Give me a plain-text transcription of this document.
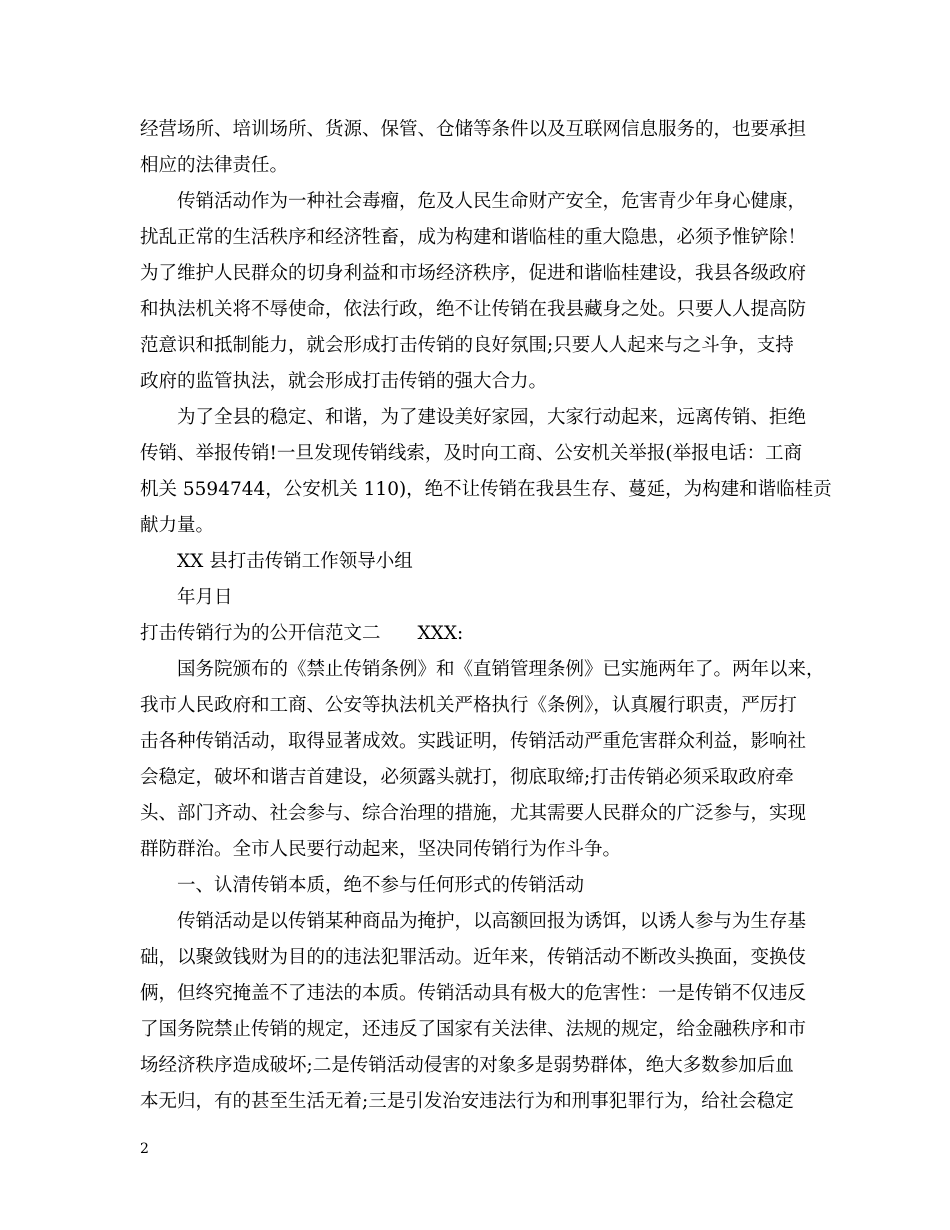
经营场所、培训场所、货源、保管、仓储等条件以及互联网信息服务的，也要承担
相应的法律责任。
传销活动作为一种社会毒瘤，危及人民生命财产安全，危害青少年身心健康，
扰乱正常的生活秩序和经济牲畜，成为构建和谐临桂的重大隐患，必须予惟铲除！
为了维护人民群众的切身利益和市场经济秩序，促进和谐临桂建设，我县各级政府
和执法机关将不辱使命，依法行政，绝不让传销在我县藏身之处。只要人人提高防
范意识和抵制能力，就会形成打击传销的良好氛围;只要人人起来与之斗争，支持
政府的监管执法，就会形成打击传销的强大合力。
为了全县的稳定、和谐，为了建设美好家园，大家行动起来，远离传销、拒绝
传销、举报传销!一旦发现传销线索，及时向工商、公安机关举报(举报电话：工商
机关 5594744，公安机关 110)，绝不让传销在我县生存、蔓延，为构建和谐临桂贡
献力量。
XX 县打击传销工作领导小组
年月日
打击传销行为的公开信范文二　　XXX:
国务院颁布的《禁止传销条例》和《直销管理条例》已实施两年了。两年以来，
我市人民政府和工商、公安等执法机关严格执行《条例》，认真履行职责，严厉打
击各种传销活动，取得显著成效。实践证明，传销活动严重危害群众利益，影响社
会稳定，破坏和谐吉首建设，必须露头就打，彻底取缔;打击传销必须采取政府牵
头、部门齐动、社会参与、综合治理的措施，尤其需要人民群众的广泛参与，实现
群防群治。全市人民要行动起来，坚决同传销行为作斗争。
一、认清传销本质，绝不参与任何形式的传销活动
传销活动是以传销某种商品为掩护，以高额回报为诱饵，以诱人参与为生存基
础，以聚敛钱财为目的的违法犯罪活动。近年来，传销活动不断改头换面，变换伎
俩，但终究掩盖不了违法的本质。传销活动具有极大的危害性：一是传销不仅违反
了国务院禁止传销的规定，还违反了国家有关法律、法规的规定，给金融秩序和市
场经济秩序造成破坏;二是传销活动侵害的对象多是弱势群体，绝大多数参加后血
本无归，有的甚至生活无着;三是引发治安违法行为和刑事犯罪行为，给社会稳定
2
